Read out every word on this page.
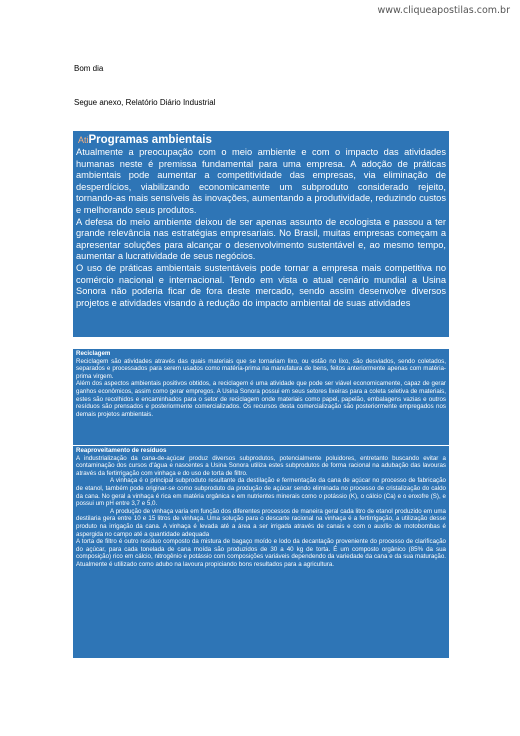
www.cliqueapostilas.com.br
Bom dia
Segue anexo, Relatório Diário Industrial
AtiProgramas ambientais

Atualmente a preocupação com o meio ambiente e com o impacto das atividades humanas neste é premissa fundamental para uma empresa. A adoção de práticas ambientais pode aumentar a competitividade das empresas, via eliminação de desperdícios, viabilizando economicamente um subproduto considerado rejeito, tornando-as mais sensíveis às inovações, aumentando a produtividade, reduzindo custos e melhorando seus produtos.

A defesa do meio ambiente deixou de ser apenas assunto de ecologista e passou a ter grande relevância nas estratégias empresariais. No Brasil, muitas empresas começam a apresentar soluções para alcançar o desenvolvimento sustentável e, ao mesmo tempo, aumentar a lucratividade de seus negócios.

O uso de práticas ambientais sustentáveis pode tornar a empresa mais competitiva no comércio nacional e internacional. Tendo em vista o atual cenário mundial a Usina Sonora não poderia ficar de fora deste mercado, sendo assim desenvolve diversos projetos e atividades visando à redução do impacto ambiental de suas atividades

Reciclagem

Reciclagem são atividades através das quais materiais que se tornariam lixo, ou estão no lixo, são desviados, sendo coletados, separados e processados para serem usados como matéria-prima na manufatura de bens, feitos anteriormente apenas com matéria-prima virgem.

Além dos aspectos ambientais positivos obtidos, a reciclagem é uma atividade que pode ser viável economicamente, capaz de gerar ganhos econômicos, assim como gerar empregos. A Usina Sonora possui em seus setores lixeiras para a coleta seletiva de materiais, estes são recolhidos e encaminhados para o setor de reciclagem onde materiais como papel, papelão, embalagens vazias e outros resíduos são prensados e posteriormente comercializados. Os recursos desta comercialização são posteriormente empregados nos demais projetos ambientais.

Reaproveitamento de resíduos

A industrialização da cana-de-açúcar produz diversos subprodutos, potencialmente poluidores, entretanto buscando evitar a contaminação dos cursos d'água e nascentes a Usina Sonora utiliza estes subprodutos de forma racional na adubação das lavouras através da fertirrigação com vinhaça e do uso de torta de filtro.

A vinhaça é o principal subproduto resultante da destilação e fermentação da cana de açúcar no processo de fabricação de etanol, também pode originar-se como subproduto da produção de açúcar sendo eliminada no processo de cristalização do caldo da cana. No geral a vinhaça é rica em matéria orgânica e em nutrientes minerais como o potássio (K), o cálcio (Ca) e o enxofre (S), e possui um pH entre 3,7 e 5,0.

A produção de vinhaça varia em função dos diferentes processos de maneira geral cada litro de etanol produzido em uma destilaria gera entre 10 e 15 litros de vinhaça. Uma solução para o descarte racional na vinhaça é a fertirrigação, a utilização desse produto na irrigação da cana. A vinhaça é levada até a área a ser irrigada através de canais e com o auxílio de motobombas é aspergida no campo até a quantidade adequada

A torta de filtro é outro resíduo composto da mistura de bagaço moído e lodo da decantação proveniente do processo de clarificação do açúcar, para cada tonelada de cana moída são produzidos de 30 a 40 kg de torta. É um composto orgânico (85% da sua composição) rico em cálcio, nitrogênio e potássio com composições variáveis dependendo da variedade da cana e da sua maturação. Atualmente é utilizado como adubo na lavoura propiciando bons resultados para a agricultura.
